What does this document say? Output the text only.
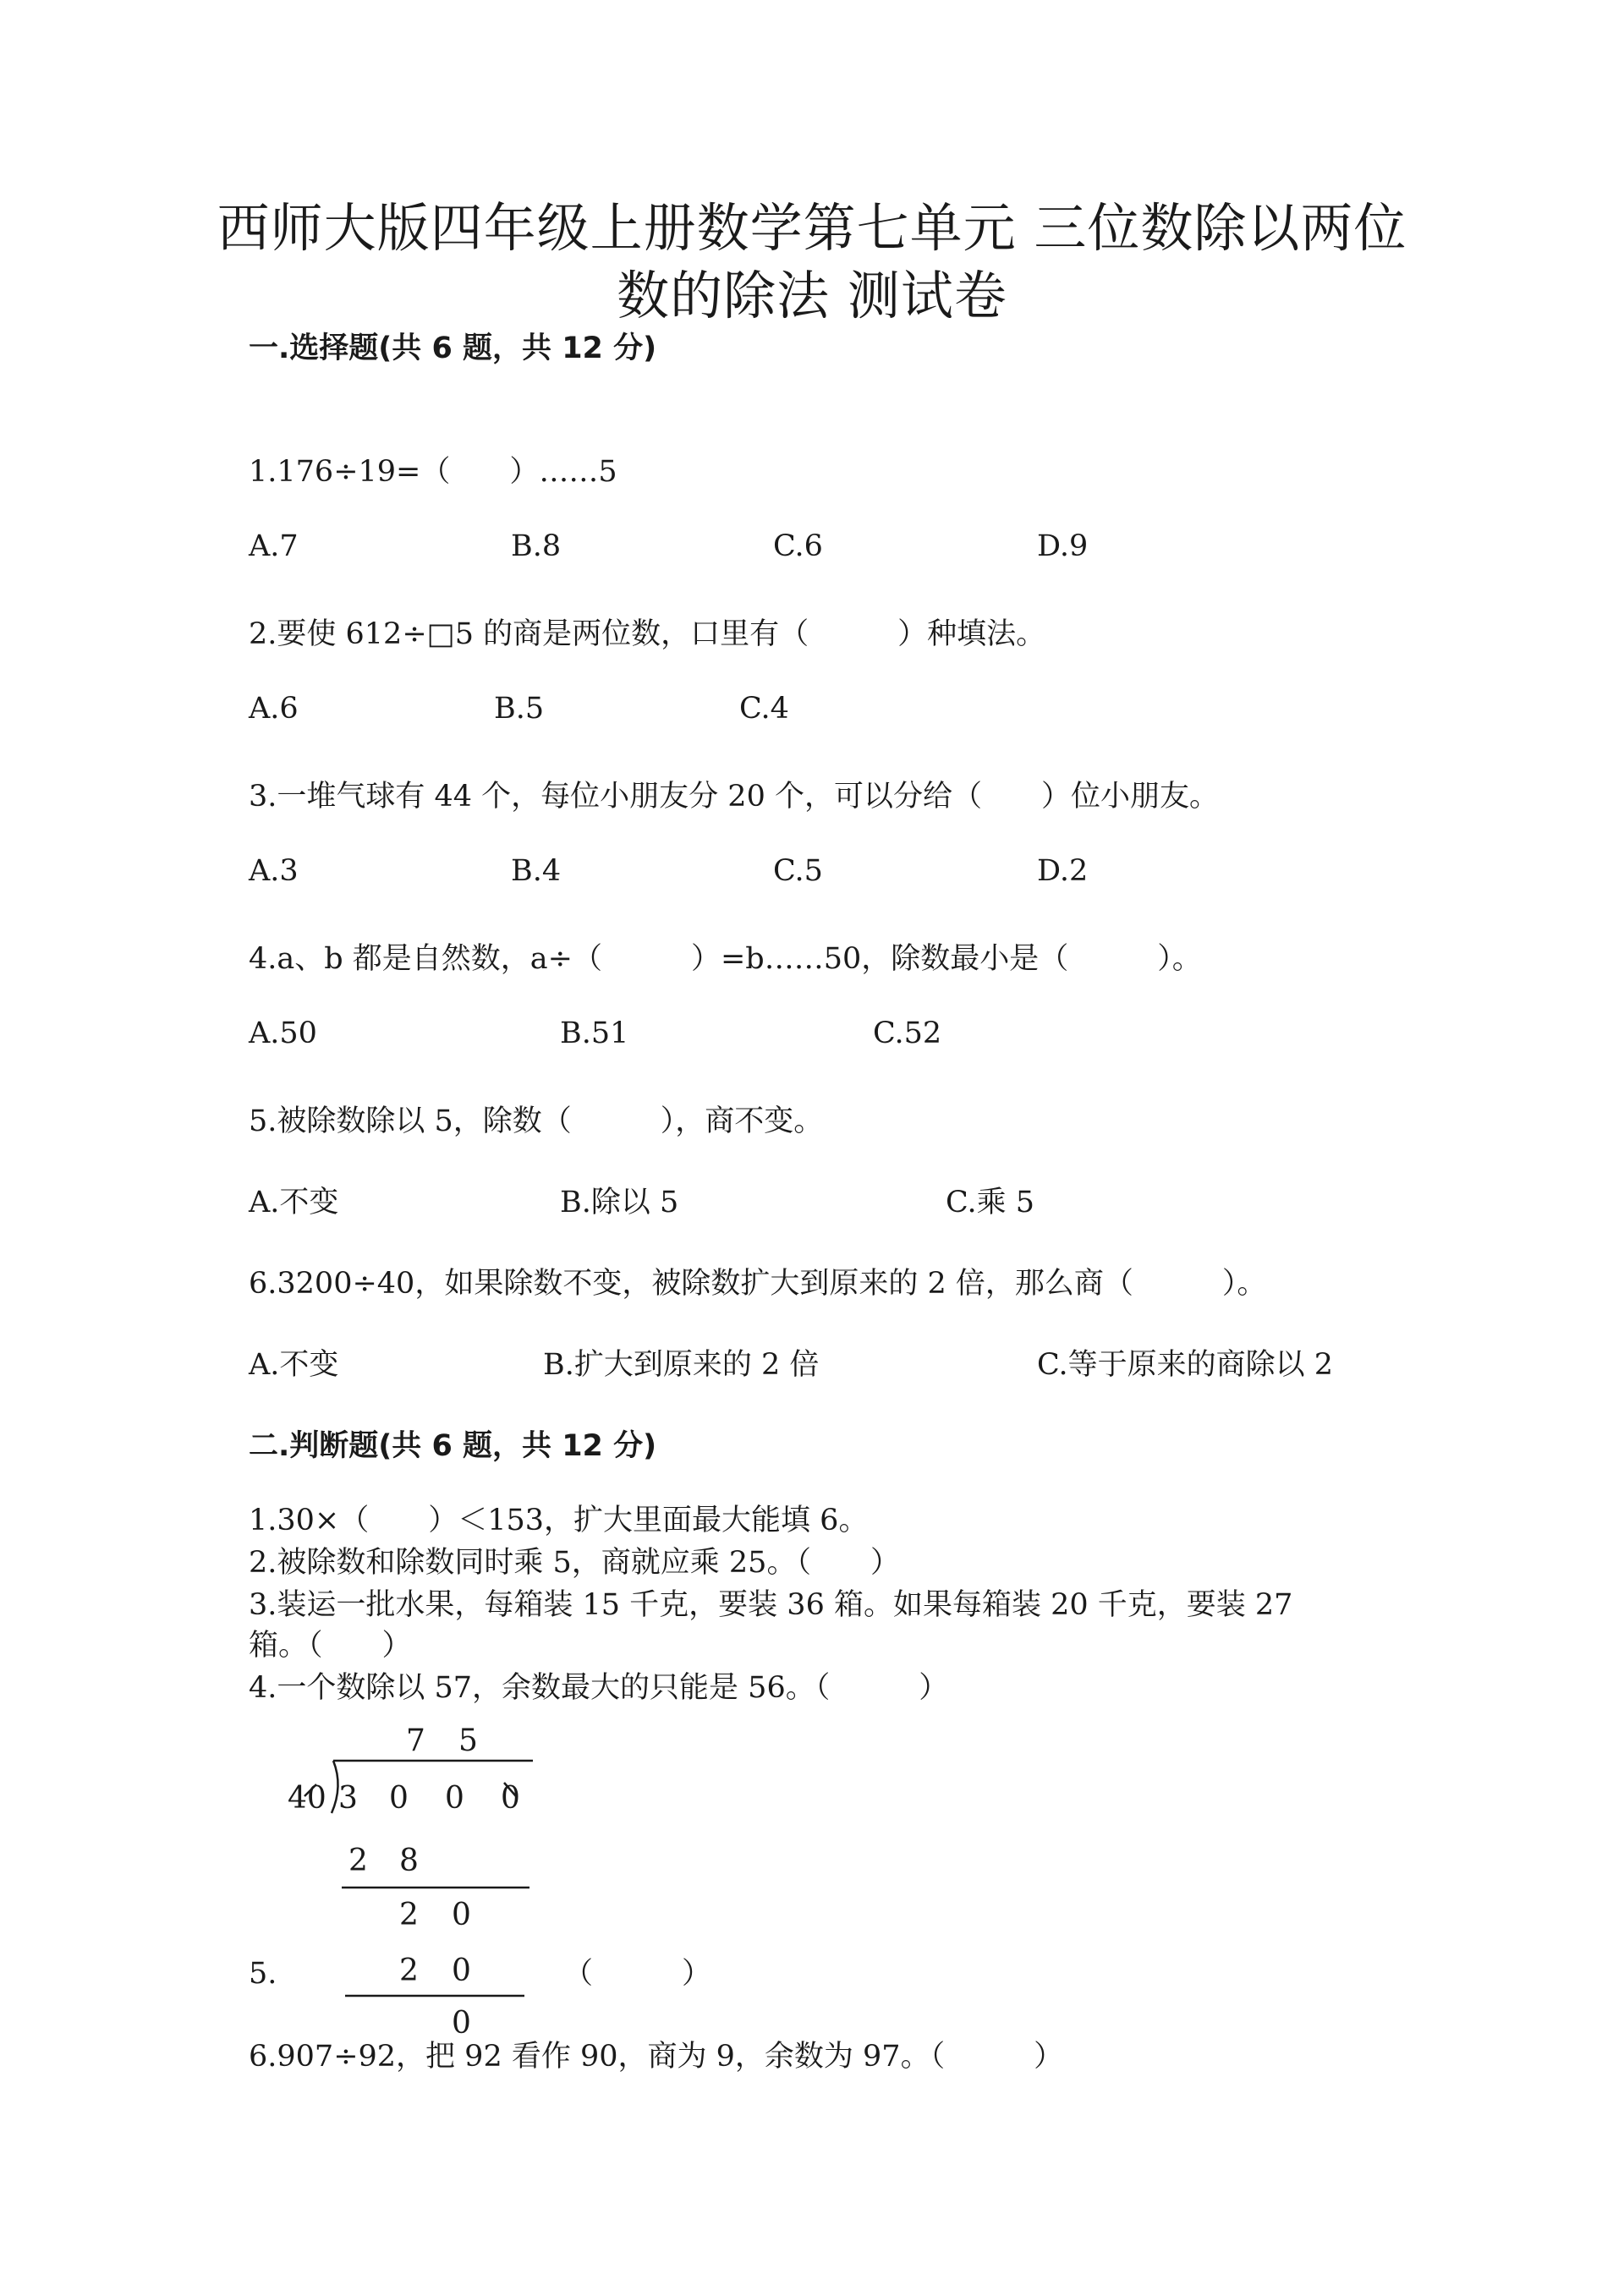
西师大版四年级上册数学第七单元 三位数除以两位
数的除法 测试卷
一.选择题(共 6 题，共 12 分)
1.176÷19=（　　）……5
A.7	B.8	C.6	D.9
2.要使 612÷□5 的商是两位数，口里有（　　　）种填法。
A.6	B.5	C.4
3.一堆气球有 44 个，每位小朋友分 20 个，可以分给（　　）位小朋友。
A.3	B.4	C.5	D.2
4.a、b 都是自然数，a÷（　　　）=b……50，除数最小是（　　　）。
A.50	B.51	C.52
5.被除数除以 5，除数（　　　），商不变。
A.不变	B.除以 5	C.乘 5
6.3200÷40，如果除数不变，被除数扩大到原来的 2 倍，那么商（　　　）。
A.不变	B.扩大到原来的 2 倍	C.等于原来的商除以 2
二.判断题(共 6 题，共 12 分)
1.30×（　　）＜153，扩大里面最大能填 6。
2.被除数和除数同时乘 5，商就应乘 25。（　　）
3.装运一批水果，每箱装 15 千克，要装 36 箱。如果每箱装 20 千克，要装 27
箱。（　　）
4.一个数除以 57，余数最大的只能是 56。（　　　）
5.
7 5
40 3 0 0 0
2 8
2 0
2 0
0
（　　　）
6.907÷92，把 92 看作 90，商为 9，余数为 97。（　　　）
